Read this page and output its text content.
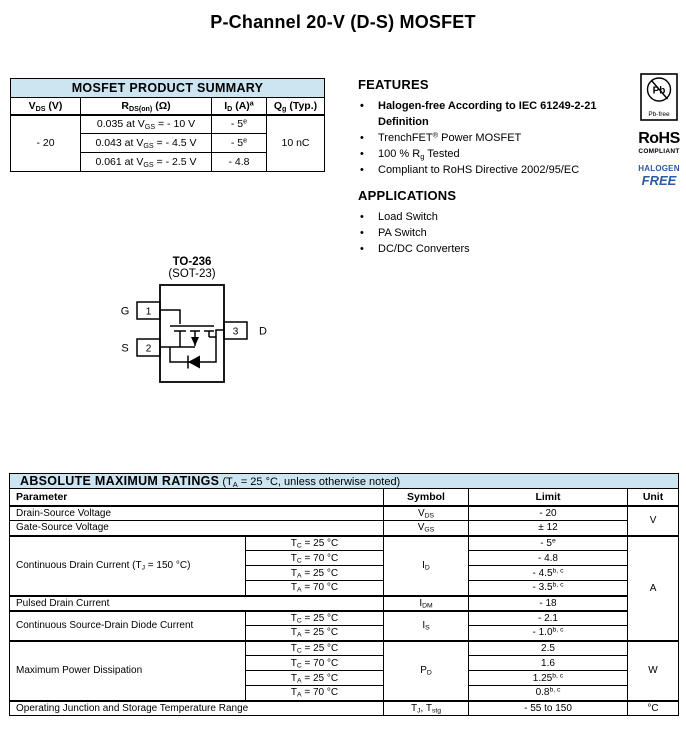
P-Channel 20-V (D-S) MOSFET
MOSFET PRODUCT SUMMARY			
$V_{DS}$ (V)	$R_{DS(on)}$ (Ω)	$I_D$ $(A)^a$	$Q_g$ (Typ.)
- 20	0.035 at $V_{GS}$ = - 10 V	- 5e	10 nC
	0.043 at $V_{GS}$ = - 4.5 V	- 5e
	0.061 at $V_{GS}$ = - 2.5 V	- 4.8	
FEATURES
• Halogen-free According to IEC 61249-2-21 Definition
• TrenchFET® Power MOSFET
• 100 % $R_g$ Tested
• Compliant to RoHS Directive 2002/95/EC
APPLICATIONS
• Load Switch
• PA Switch
• DC/DC Converters
Pb
Pb-free
RoHS
COMPLIANT
HALOGEN
FREE
TO-236
(SOT-23)
1
2
3
G
S
D
ABSOLUTE MAXIMUM RATINGS ($T_A = 25$ °C, unless otherwise noted)				
Parameter		Symbol	Limit	Unit
Drain-Source Voltage		$V_{DS}$	- 20	V
Gate-Source Voltage		$V_{GS}$	± 12	
Continuous Drain Current ($T_J = 150$ °C)	$T_C = 25$ °C	$I_D$	- 5e	A
	$T_C = 70$ °C		- 4.8	
	$T_A = 25$ °C		- 4.5$^{b, c}$
	$T_A = 70$ °C		- 3.5$^{b, c}$
Pulsed Drain Current		$I_{DM}$	- 18	
Continuous Source-Drain Diode Current	$T_C = 25$ °C	$I_S$	- 2.1	
	$T_A = 25$ °C		- 1.0$^{b, c}$
Maximum Power Dissipation	$T_C = 25$ °C	$P_D$	2.5	W
	$T_C = 70$ °C		1.6	
	$T_A = 25$ °C		1.25$^{b, c}$
	$T_A = 70$ °C		0.8$^{b, c}$
Operating Junction and Storage Temperature Range		$T_J$, $T_{stg}$	- 55 to 150	°C
